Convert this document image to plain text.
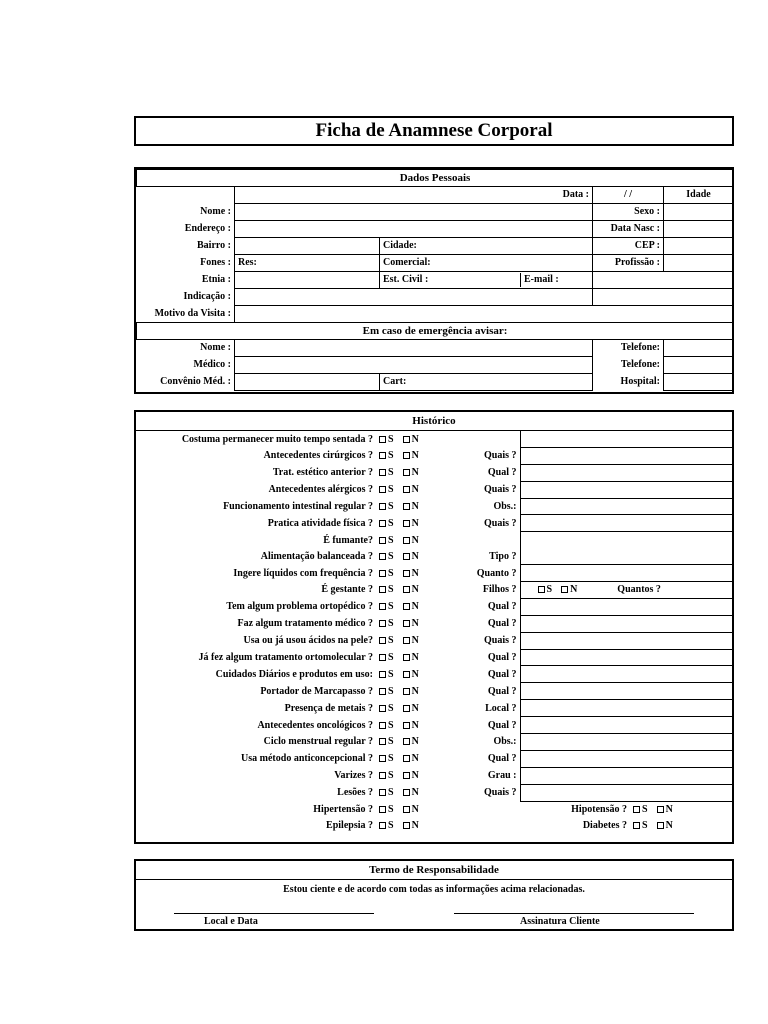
Ficha de Anamnese Corporal
Dados Pessoais				
		Data :	/ /	Idade
Nome :			Sexo :	
Endereço :			Data Nasc :	
Bairro :		Cidade:	CEP :	
Fones :	Res:	Comercial:	Profissão :	
Etnia :		Est. Civil : E-mail :		

Indicação :				
Motivo da Visita :				
Em caso de emergência avisar:				
Nome :			Telefone:	
Médico :			Telefone:	
Convênio Méd. :		Cart:	Hospital:	
Histórico
Costuma permanecer muito tempo sentada ?	S N		
Antecedentes cirúrgicos ?	S N	Quais ?	
Trat. estético anterior ?	S N	Qual ?	
Antecedentes alérgicos ?	S N	Quais ?	
Funcionamento intestinal regular ?	S N	Obs.:	
Pratica atividade física ?	S N	Quais ?	
É fumante?	S N		
Alimentação balanceada ?	S N	Tipo ?	
Ingere líquidos com frequência ?	S N	Quanto ?	
É gestante ?	S N	Filhos ?	S N Quantos ?
Tem algum problema ortopédico ?	S N	Qual ?	
Faz algum tratamento médico ?	S N	Qual ?	
Usa ou já usou ácidos na pele?	S N	Quais ?	
Já fez algum tratamento ortomolecular ?	S N	Qual ?	
Cuidados Diários e produtos em uso:	S N	Qual ?	
Portador de Marcapasso ?	S N	Qual ?	
Presença de metais ?	S N	Local ?	
Antecedentes oncológicos ?	S N	Qual ?	
Ciclo menstrual regular ?	S N	Obs.:	
Usa método anticoncepcional ?	S N	Qual ?	
Varizes ?	S N	Grau :	
Lesões ?	S N	Quais ?	
Hipertensão ?	S N	Hipotensão ? S N	
Epilepsia ?	S N	Diabetes ? S N	
Termo de Responsabilidade
Estou ciente e de acordo com todas as informações acima relacionadas.
Local e Data	Assinatura Cliente
